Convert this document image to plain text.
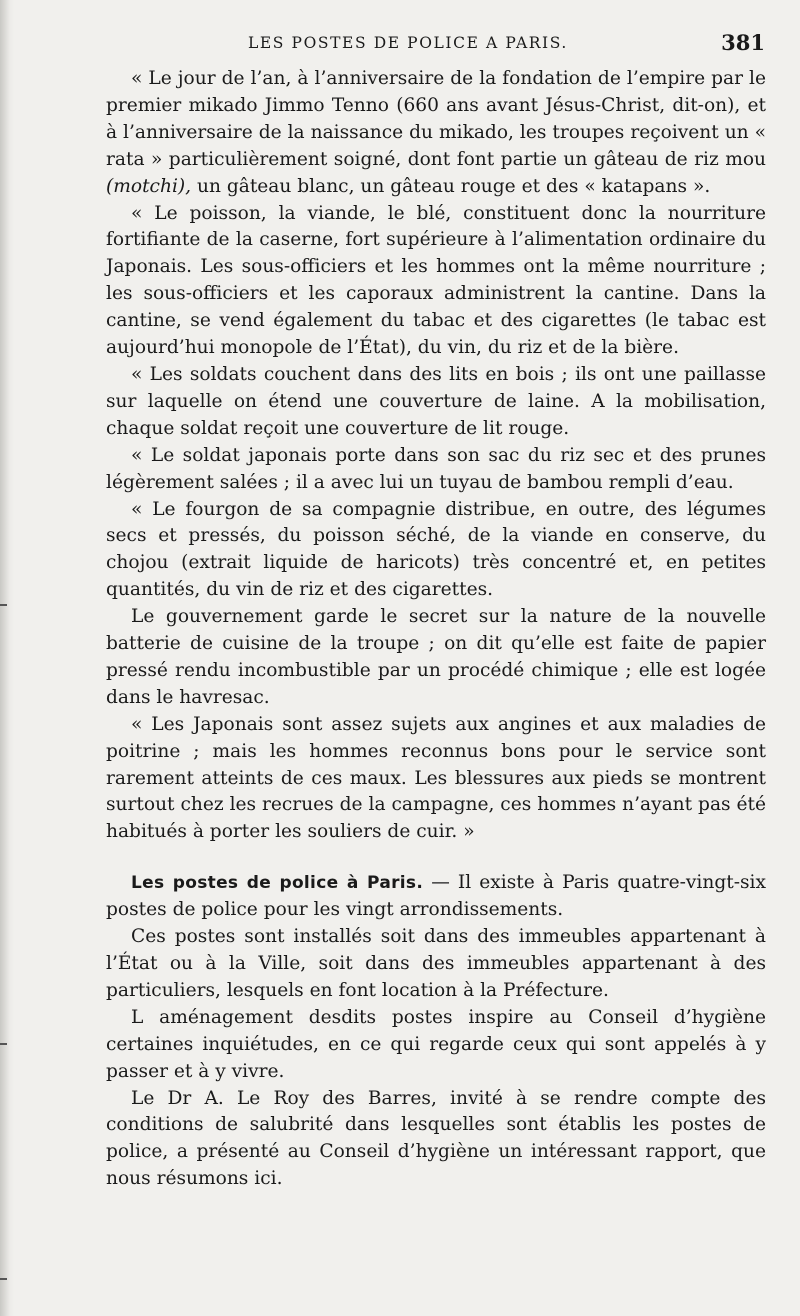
LES POSTES DE POLICE A PARIS.	381

« Le jour de l’an, à l’anniversaire de la fondation de l’empire par le premier mikado Jimmo Tenno (660 ans avant Jésus-Christ, dit-on), et à l’anniversaire de la naissance du mikado, les troupes reçoivent un « rata » particulièrement soigné, dont font partie un gâteau de riz mou (motchi), un gâteau blanc, un gâteau rouge et des « katapans ».

« Le poisson, la viande, le blé, constituent donc la nourriture fortifiante de la caserne, fort supérieure à l’alimentation ordinaire du Japonais. Les sous-officiers et les hommes ont la même nourriture ; les sous-officiers et les caporaux administrent la cantine. Dans la cantine, se vend également du tabac et des cigarettes (le tabac est aujourd’hui monopole de l’État), du vin, du riz et de la bière.

« Les soldats couchent dans des lits en bois ; ils ont une paillasse sur laquelle on étend une couverture de laine. A la mobilisation, chaque soldat reçoit une couverture de lit rouge.

« Le soldat japonais porte dans son sac du riz sec et des prunes légèrement salées ; il a avec lui un tuyau de bambou rempli d’eau.

« Le fourgon de sa compagnie distribue, en outre, des légumes secs et pressés, du poisson séché, de la viande en conserve, du chojou (extrait liquide de haricots) très concentré et, en petites quantités, du vin de riz et des cigarettes.

Le gouvernement garde le secret sur la nature de la nouvelle batterie de cuisine de la troupe ; on dit qu’elle est faite de papier pressé rendu incombustible par un procédé chimique ; elle est logée dans le havresac.

« Les Japonais sont assez sujets aux angines et aux maladies de poitrine ; mais les hommes reconnus bons pour le service sont rarement atteints de ces maux. Les blessures aux pieds se montrent surtout chez les recrues de la campagne, ces hommes n’ayant pas été habitués à porter les souliers de cuir. »

Les postes de police à Paris. — Il existe à Paris quatre-vingt-six postes de police pour les vingt arrondissements.

Ces postes sont installés soit dans des immeubles appartenant à l’État ou à la Ville, soit dans des immeubles appartenant à des particuliers, lesquels en font location à la Préfecture.

L aménagement desdits postes inspire au Conseil d’hygiène certaines inquiétudes, en ce qui regarde ceux qui sont appelés à y passer et à y vivre.

Le Dr A. Le Roy des Barres, invité à se rendre compte des conditions de salubrité dans lesquelles sont établis les postes de police, a présenté au Conseil d’hygiène un intéressant rapport, que nous résumons ici.
